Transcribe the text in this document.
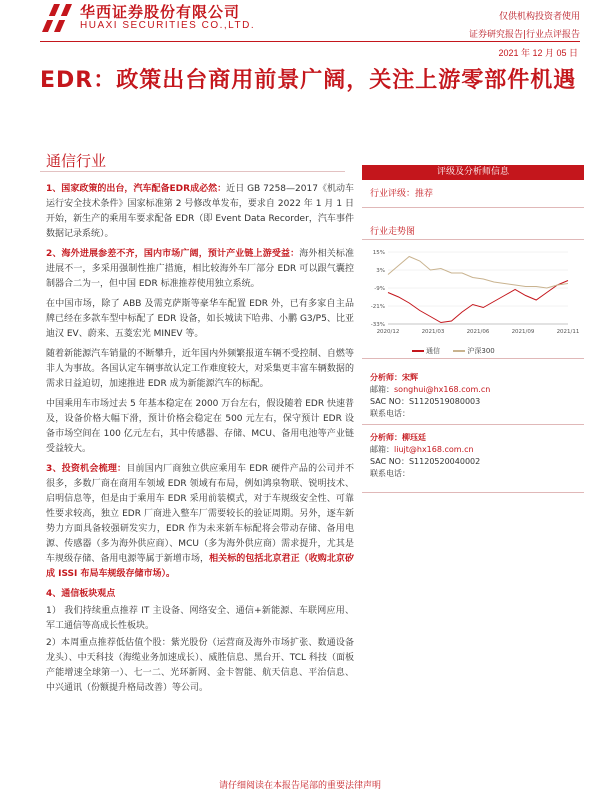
华西证券股份有限公司
HUAXI SECURITIES CO.,LTD.
仅供机构投资者使用
证券研究报告|行业点评报告
2021 年 12 月 05 日
EDR：政策出台商用前景广阔，关注上游零部件机遇
通信行业

1、国家政策的出台，汽车配备EDR成必然：近日 GB 7258—2017《机动车运行安全技术条件》国家标准第 2 号修改单发布，要求自 2022 年 1 月 1 日开始，新生产的乘用车要求配备 EDR（即 Event Data Recorder，汽车事件数据记录系统）。

2、海外进展参差不齐，国内市场广阔，预计产业链上游受益：海外相关标准进展不一，多采用强制性推广措施，相比较海外车厂部分 EDR 可以跟气囊控制器合二为一，但中国 EDR 标准推荐使用独立系统。

在中国市场，除了 ABB 及需克萨斯等豪华车配置 EDR 外，已有多家自主品牌已经在多款车型中标配了 EDR 设备，如长城读下哈弗、小鹏 G3/P5、比亚迪汉 EV、蔚来、五菱宏光 MINEV 等。

随着新能源汽车销量的不断攀升，近年国内外频繁报道车辆不受控制、自燃等非人为事故。各国认定车辆事故认定工作难度较大，对采集更丰富车辆数据的需求日益迫切，加速推进 EDR 成为新能源汽车的标配。

中国乘用车市场过去 5 年基本稳定在 2000 万台左右，假设随着 EDR 快速普及，设备价格大幅下滑，预计价格会稳定在 500 元左右，保守预计 EDR 设备市场空间在 100 亿元左右，其中传感器、存储、MCU、备用电池等产业链受益较大。

3、投资机会梳理：目前国内厂商独立供应乘用车 EDR 硬件产品的公司并不很多，多数厂商在商用车领域 EDR 领域有布局，例如鸿泉物联、锐明技术、启明信息等，但是由于乘用车 EDR 采用前装模式，对于车规级安全性、可靠性要求较高，独立 EDR 厂商进入整车厂需要较长的验证周期。另外，逐车新势力方面具备较强研发实力，EDR 作为未来新车标配将会带动存储、备用电源、传感器（多为海外供应商）、MCU（多为海外供应商）需求提升，尤其是车规级存储、备用电源等属于新增市场，相关标的包括北京君正（收购北京矽成 ISSI 布局车规级存储市场）。

4、通信板块观点

1） 我们持续重点推荐 IT 主设备、网络安全、通信+新能源、车联网应用、军工通信等高成长性板块。

2）本周重点推荐低估值个股：紫光股份（运营商及海外市场扩张、数通设备龙头）、中天科技（海缆业务加速成长）、威胜信息、黑台开、TCL 科技（面板产能增速全球第一）、七一二、光环新网、金卡智能、航天信息、平治信息、中兴通讯（份额提升格局改善）等公司。

评级及分析师信息
行业评级：推荐
行业走势图
15%
3%
-9%
-21%
-33%
2020/12	2021/03	2021/06	2021/09	2021/11
通信	沪深300
分析师：宋辉
邮箱：songhui@hx168.com.cn
SAC NO：S1120519080003
联系电话：
分析师：柳珏廷
邮箱：liujt@hx168.com.cn
SAC NO：S1120520040002
联系电话：
请仔细阅读在本报告尾部的重要法律声明
